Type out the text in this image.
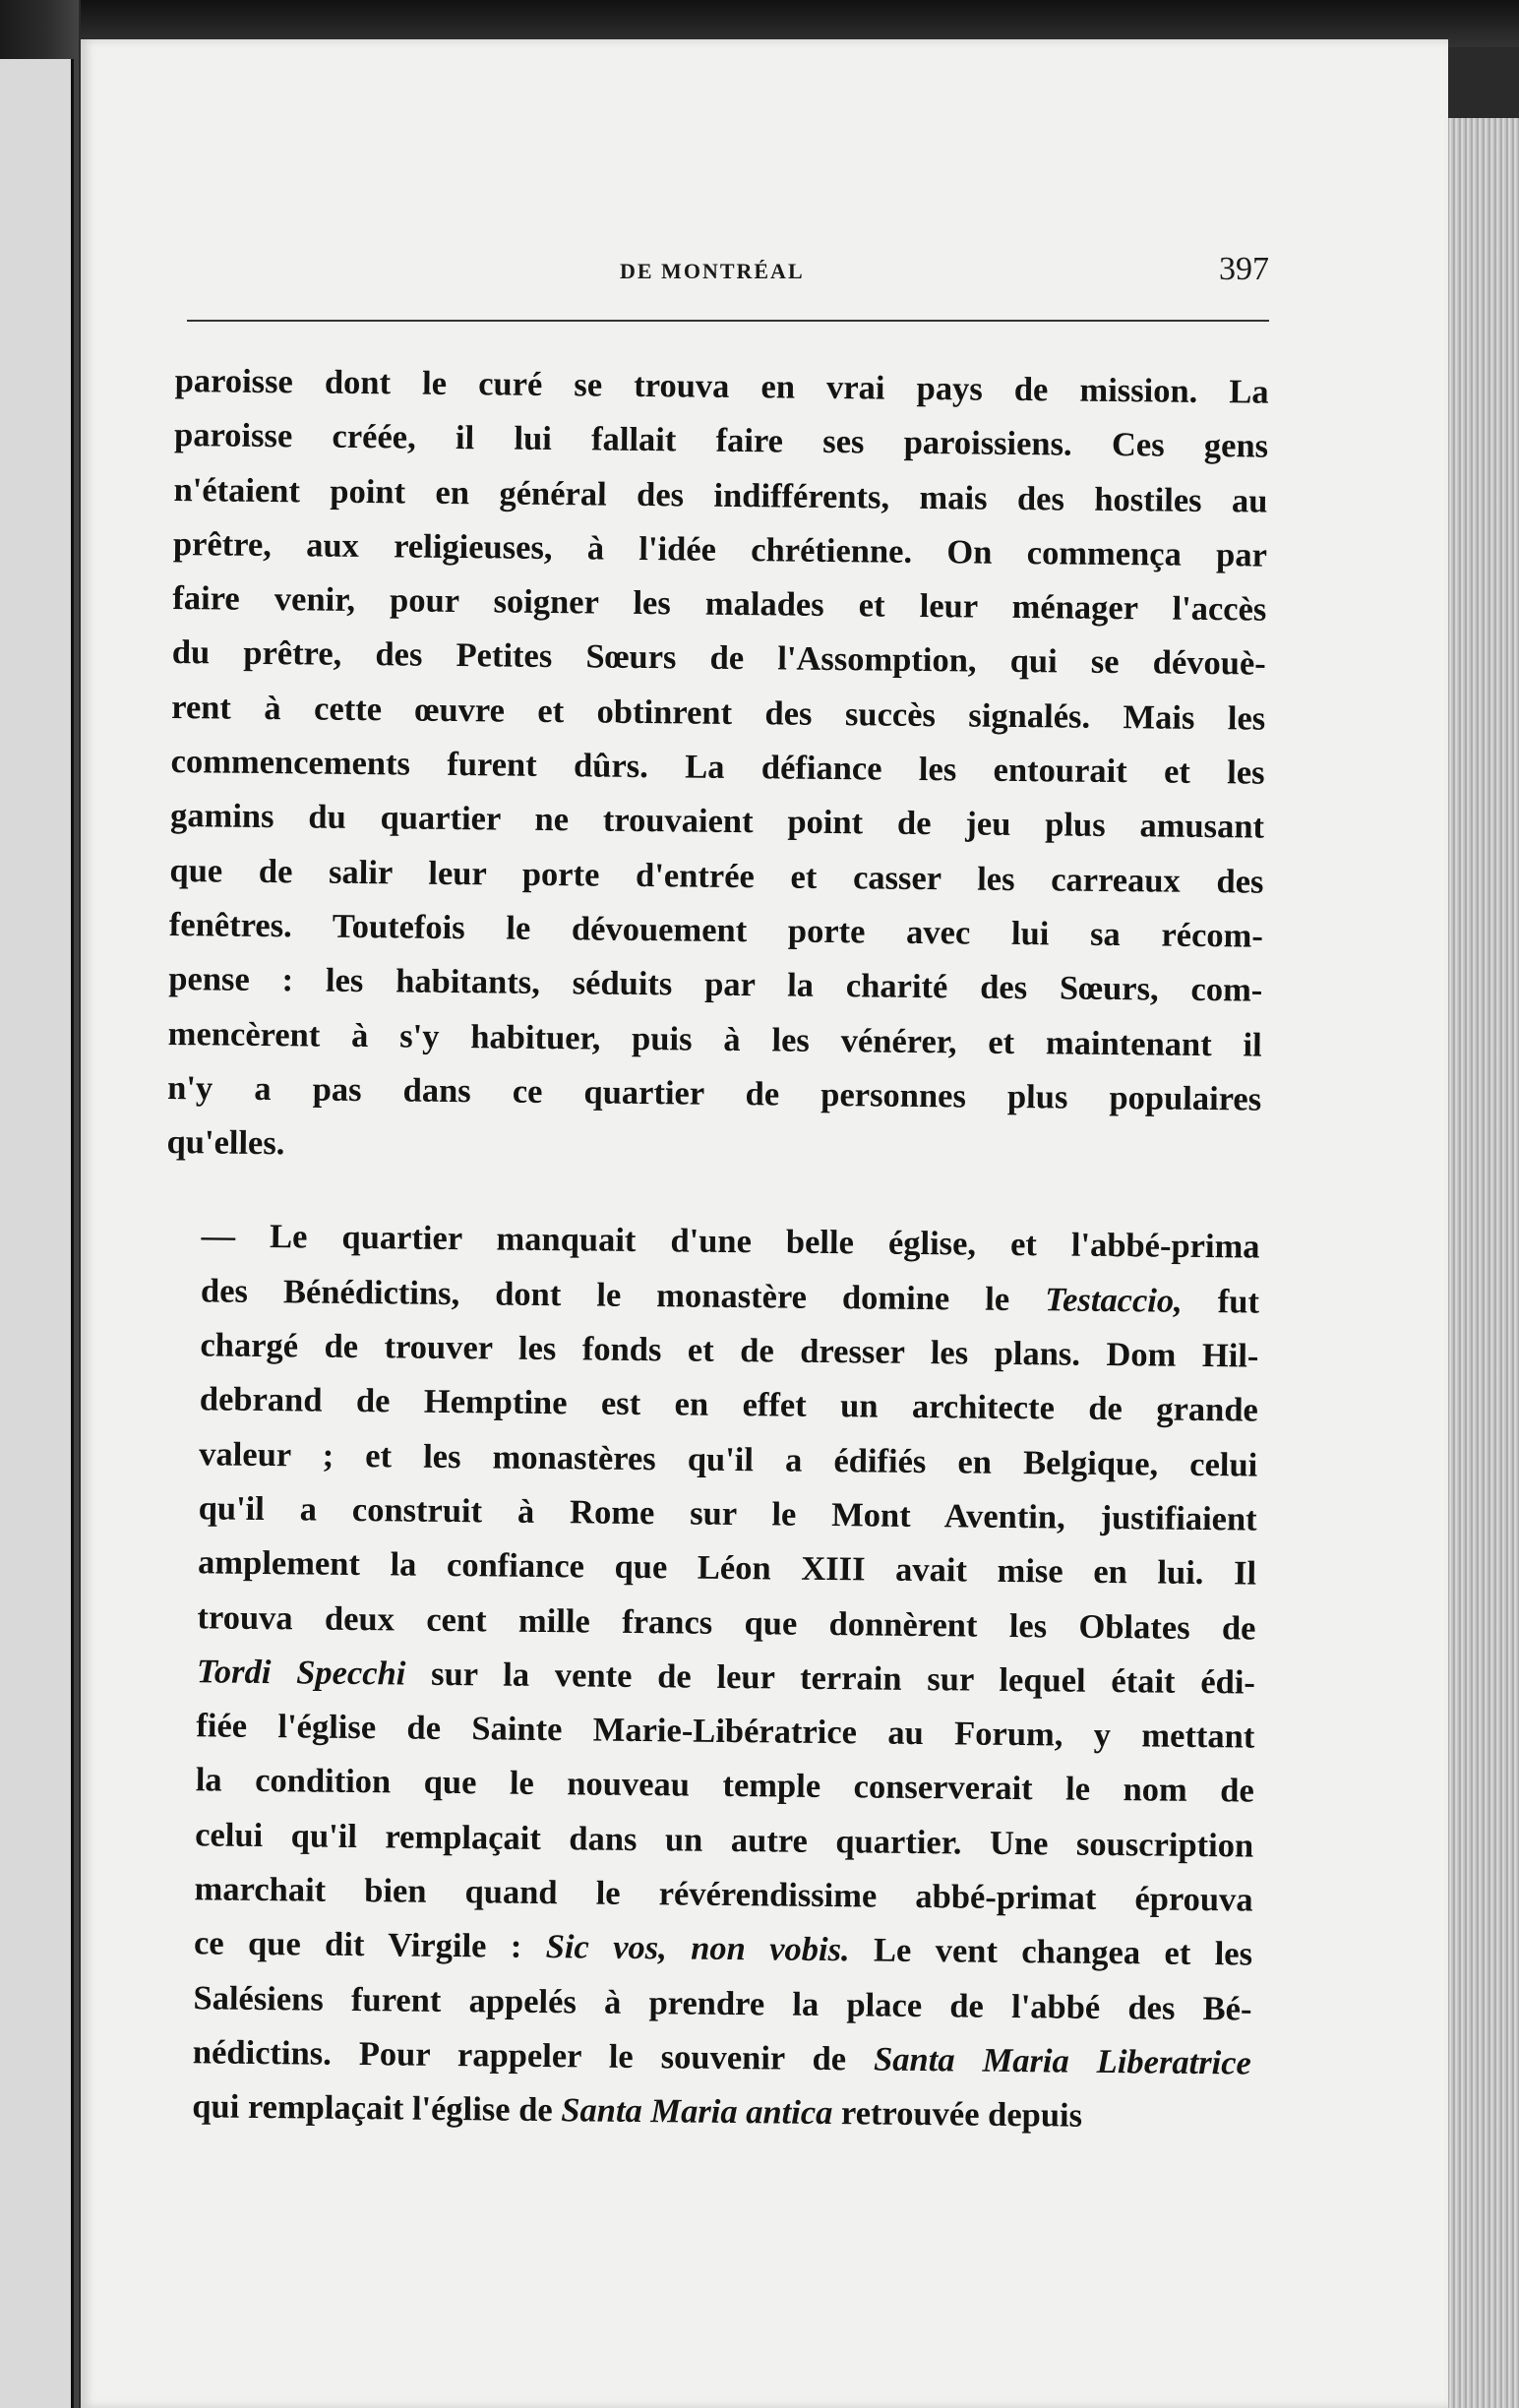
DE MONTRÉAL	397
paroisse dont le curé se trouva en vrai pays de mission. La
paroisse créée, il lui fallait faire ses paroissiens. Ces gens
n'étaient point en général des indifférents, mais des hostiles au
prêtre, aux religieuses, à l'idée chrétienne. On commença par
faire venir, pour soigner les malades et leur ménager l'accès
du prêtre, des Petites Sœurs de l'Assomption, qui se dévouè-
rent à cette œuvre et obtinrent des succès signalés. Mais les
commencements furent dûrs. La défiance les entourait et les
gamins du quartier ne trouvaient point de jeu plus amusant
que de salir leur porte d'entrée et casser les carreaux des
fenêtres. Toutefois le dévouement porte avec lui sa récom-
pense : les habitants, séduits par la charité des Sœurs, com-
mencèrent à s'y habituer, puis à les vénérer, et maintenant il
n'y a pas dans ce quartier de personnes plus populaires
qu'elles.
— Le quartier manquait d'une belle église, et l'abbé-prima
des Bénédictins, dont le monastère domine le Testaccio, fut
chargé de trouver les fonds et de dresser les plans. Dom Hil-
debrand de Hemptine est en effet un architecte de grande
valeur ; et les monastères qu'il a édifiés en Belgique, celui
qu'il a construit à Rome sur le Mont Aventin, justifiaient
amplement la confiance que Léon XIII avait mise en lui. Il
trouva deux cent mille francs que donnèrent les Oblates de
Tordi Specchi sur la vente de leur terrain sur lequel était édi-
fiée l'église de Sainte Marie-Libératrice au Forum, y mettant
la condition que le nouveau temple conserverait le nom de
celui qu'il remplaçait dans un autre quartier. Une souscription
marchait bien quand le révérendissime abbé-primat éprouva
ce que dit Virgile : Sic vos, non vobis. Le vent changea et les
Salésiens furent appelés à prendre la place de l'abbé des Bé-
nédictins. Pour rappeler le souvenir de Santa Maria Liberatrice
qui remplaçait l'église de Santa Maria antica retrouvée depuis
